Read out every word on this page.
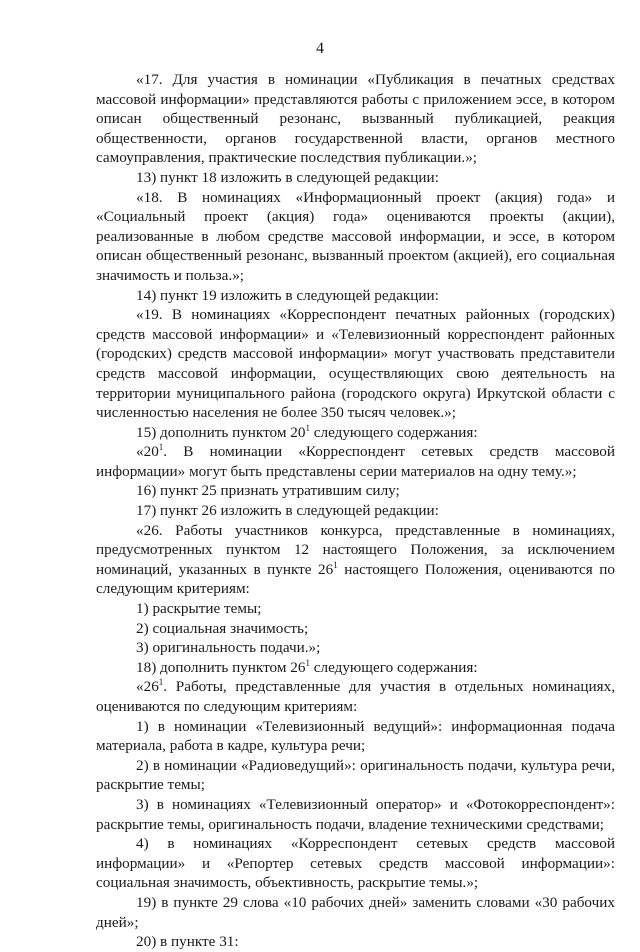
4

«17. Для участия в номинации «Публикация в печатных средствах массовой информации» представляются работы с приложением эссе, в котором описан общественный резонанс, вызванный публикацией, реакция общественности, органов государственной власти, органов местного самоуправления, практические последствия публикации.»;

13) пункт 18 изложить в следующей редакции:

«18. В номинациях «Информационный проект (акция) года» и «Социальный проект (акция) года» оцениваются проекты (акции), реализованные в любом средстве массовой информации, и эссе, в котором описан общественный резонанс, вызванный проектом (акцией), его социальная значимость и польза.»;

14) пункт 19 изложить в следующей редакции:

«19. В номинациях «Корреспондент печатных районных (городских) средств массовой информации» и «Телевизионный корреспондент районных (городских) средств массовой информации» могут участвовать представители средств массовой информации, осуществляющих свою деятельность на территории муниципального района (городского округа) Иркутской области с численностью населения не более 350 тысяч человек.»;

15) дополнить пунктом $20^1$ следующего содержания:

«$20^1$. В номинации «Корреспондент сетевых средств массовой информации» могут быть представлены серии материалов на одну тему.»;

16) пункт 25 признать утратившим силу;

17) пункт 26 изложить в следующей редакции:

«26. Работы участников конкурса, представленные в номинациях, предусмотренных пунктом 12 настоящего Положения, за исключением номинаций, указанных в пункте $26^1$ настоящего Положения, оцениваются по следующим критериям:

1) раскрытие темы;

2) социальная значимость;

3) оригинальность подачи.»;

18) дополнить пунктом $26^1$ следующего содержания:

«$26^1$. Работы, представленные для участия в отдельных номинациях, оцениваются по следующим критериям:

1) в номинации «Телевизионный ведущий»: информационная подача материала, работа в кадре, культура речи;

2) в номинации «Радиоведущий»: оригинальность подачи, культура речи, раскрытие темы;

3) в номинациях «Телевизионный оператор» и «Фотокорреспондент»: раскрытие темы, оригинальность подачи, владение техническими средствами;

4) в номинациях «Корреспондент сетевых средств массовой информации» и «Репортер сетевых средств массовой информации»: социальная значимость, объективность, раскрытие темы.»;

19) в пункте 29 слова «10 рабочих дней» заменить словами «30 рабочих дней»;

20) в пункте 31:
